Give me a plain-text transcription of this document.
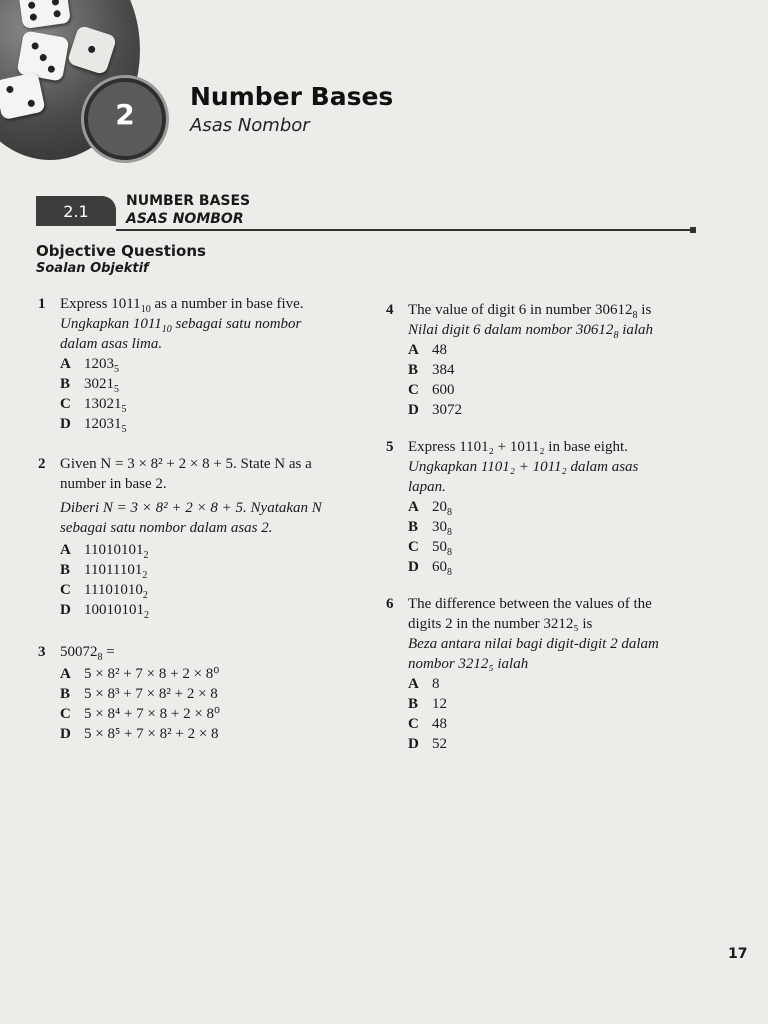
2
Number Bases
Asas Nombor
2.1
NUMBER BASES
ASAS NOMBOR
Objective Questions
Soalan Objektif
1 Express $1011_{10}$ as a number in base five.
Ungkapkan $1011_{10}$ sebagai satu nombor
dalam asas lima.
A $1203_5$
B $3021_5$
C $13021_5$
D $12031_5$
2 Given N = 3 × 8² + 2 × 8 + 5. State N as a
number in base 2.
Diberi N = 3 × 8² + 2 × 8 + 5. Nyatakan N
sebagai satu nombor dalam asas 2.
A $11010101_2$
B $11011101_2$
C $11101010_2$
D $10010101_2$
3 $50072_8$ =
A 5 × 8² + 7 × 8 + 2 × 8⁰
B 5 × 8³ + 7 × 8² + 2 × 8
C 5 × 8⁴ + 7 × 8 + 2 × 8⁰
D 5 × 8⁵ + 7 × 8² + 2 × 8
4 The value of digit 6 in number $30612_8$ is
Nilai digit 6 dalam nombor $30612_8$ ialah
A 48
B 384
C 600
D 3072
5 Express 1101₂ + 1011₂ in base eight.
Ungkapkan 1101₂ + 1011₂ dalam asas
lapan.
A $20_8$
B $30_8$
C $50_8$
D $60_8$
6 The difference between the values of the
digits 2 in the number 3212₅ is
Beza antara nilai bagi digit-digit 2 dalam
nombor 3212₅ ialah
A 8
B 12
C 48
D 52
17
